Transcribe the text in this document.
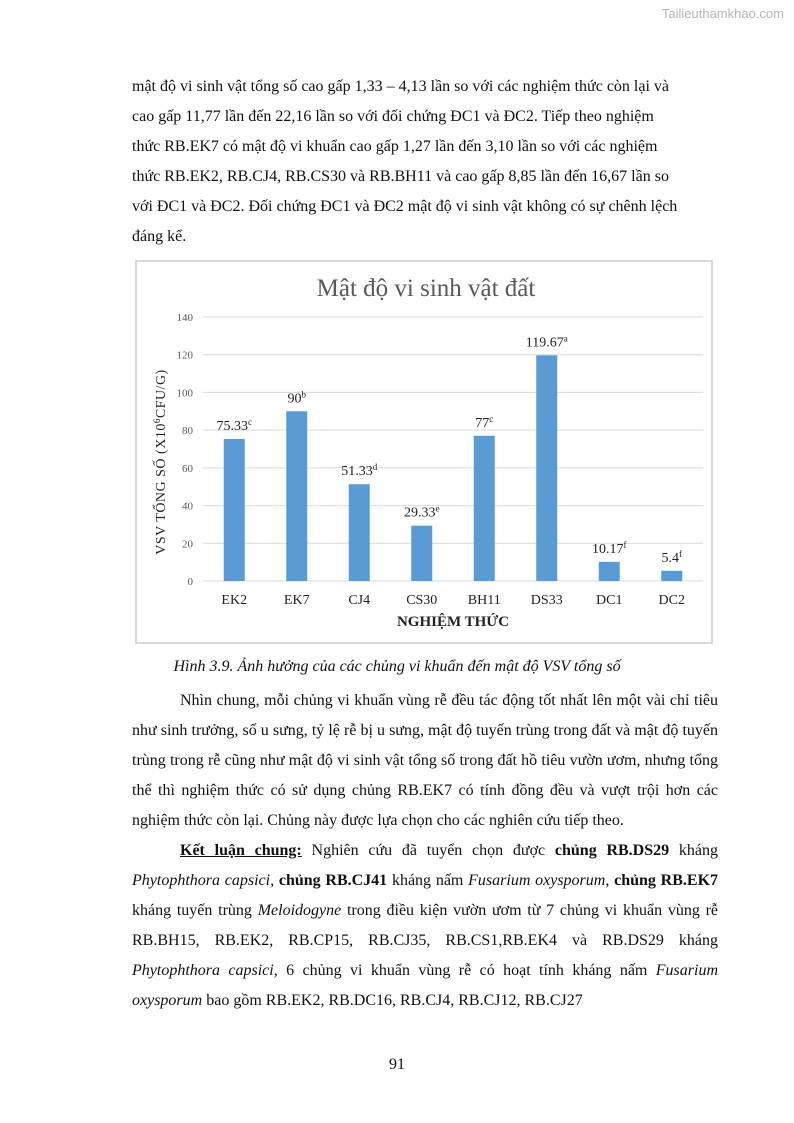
Tailieuthamkhao.com

mật độ vi sinh vật tổng số cao gấp 1,33 – 4,13 lần so với các nghiệm thức còn lại và

cao gấp 11,77 lần đến 22,16 lần so với đối chứng ĐC1 và ĐC2. Tiếp theo nghiệm

thức RB.EK7 có mật độ vi khuẩn cao gấp 1,27 lần đến 3,10 lần so với các nghiệm

thức RB.EK2, RB.CJ4, RB.CS30 và RB.BH11 và cao gấp 8,85 lần đến 16,67 lần so

với ĐC1 và ĐC2. Đối chứng ĐC1 và ĐC2 mật độ vi sinh vật không có sự chênh lệch

đáng kể.

Mật độ vi sinh vật đất
VSV TỔNG SỐ $(X10^6CFU/G)$
NGHIỆM THỨC
0
20
40
60
80
100
120
140
75.33$^c$
EK2
90$^b$
EK7
51.33$^d$
CJ4
29.33e
CS30
77$^c$
BH11
119.67$^a$
DS33
10.17$^f$
DC1
5.4$^f$
DC2
Hình 3.9. Ảnh hưởng của các chủng vi khuẩn đến mật độ VSV tổng số

Nhìn chung, mỗi chủng vi khuẩn vùng rễ đều tác động tốt nhất lên một vài chỉ tiêu như sinh trưởng, số u sưng, tỷ lệ rễ bị u sưng, mật độ tuyến trùng trong đất và mật độ tuyến trùng trong rễ cũng như mật độ vi sinh vật tổng số trong đất hồ tiêu vườn ươm, nhưng tổng thể thì nghiệm thức có sử dụng chủng RB.EK7 có tính đồng đều và vượt trội hơn các nghiệm thức còn lại. Chủng này được lựa chọn cho các nghiên cứu tiếp theo.

Kết luận chung: Nghiên cứu đã tuyển chọn được chủng RB.DS29 kháng Phytophthora capsici, chủng RB.CJ41 kháng nấm Fusarium oxysporum, chủng RB.EK7 kháng tuyến trùng Meloidogyne trong điều kiện vườn ươm từ 7 chủng vi khuẩn vùng rễ RB.BH15, RB.EK2, RB.CP15, RB.CJ35, RB.CS1,RB.EK4 và RB.DS29 kháng Phytophthora capsici, 6 chủng vi khuẩn vùng rễ có hoạt tính kháng nấm Fusarium oxysporum bao gồm RB.EK2, RB.DC16, RB.CJ4, RB.CJ12, RB.CJ27

91
